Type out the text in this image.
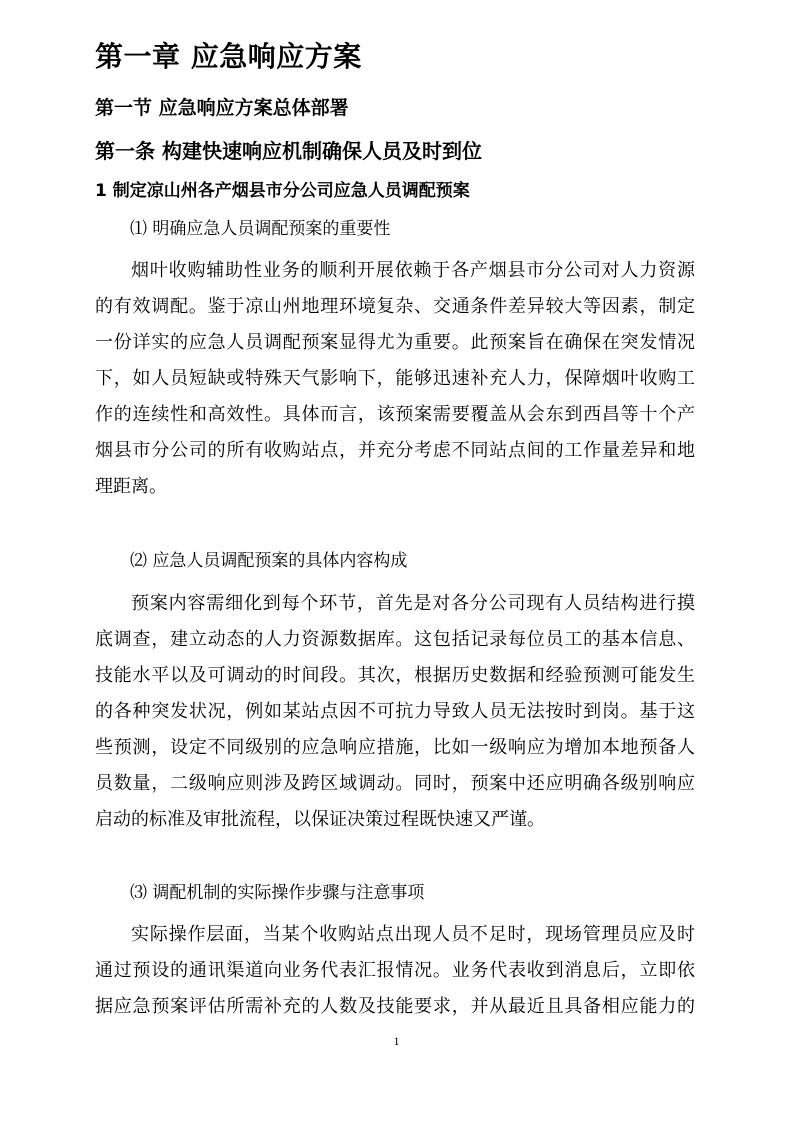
第一章 应急响应方案
第一节 应急响应方案总体部署
第一条 构建快速响应机制确保人员及时到位
1 制定凉山州各产烟县市分公司应急人员调配预案
⑴ 明确应急人员调配预案的重要性
烟叶收购辅助性业务的顺利开展依赖于各产烟县市分公司对人力资源
的有效调配。鉴于凉山州地理环境复杂、交通条件差异较大等因素，制定
一份详实的应急人员调配预案显得尤为重要。此预案旨在确保在突发情况
下，如人员短缺或特殊天气影响下，能够迅速补充人力，保障烟叶收购工
作的连续性和高效性。具体而言，该预案需要覆盖从会东到西昌等十个产
烟县市分公司的所有收购站点，并充分考虑不同站点间的工作量差异和地
理距离。
⑵ 应急人员调配预案的具体内容构成
预案内容需细化到每个环节，首先是对各分公司现有人员结构进行摸
底调查，建立动态的人力资源数据库。这包括记录每位员工的基本信息、
技能水平以及可调动的时间段。其次，根据历史数据和经验预测可能发生
的各种突发状况，例如某站点因不可抗力导致人员无法按时到岗。基于这
些预测，设定不同级别的应急响应措施，比如一级响应为增加本地预备人
员数量，二级响应则涉及跨区域调动。同时，预案中还应明确各级别响应
启动的标准及审批流程，以保证决策过程既快速又严谨。
⑶ 调配机制的实际操作步骤与注意事项
实际操作层面，当某个收购站点出现人员不足时，现场管理员应及时
通过预设的通讯渠道向业务代表汇报情况。业务代表收到消息后，立即依
据应急预案评估所需补充的人数及技能要求，并从最近且具备相应能力的
1
